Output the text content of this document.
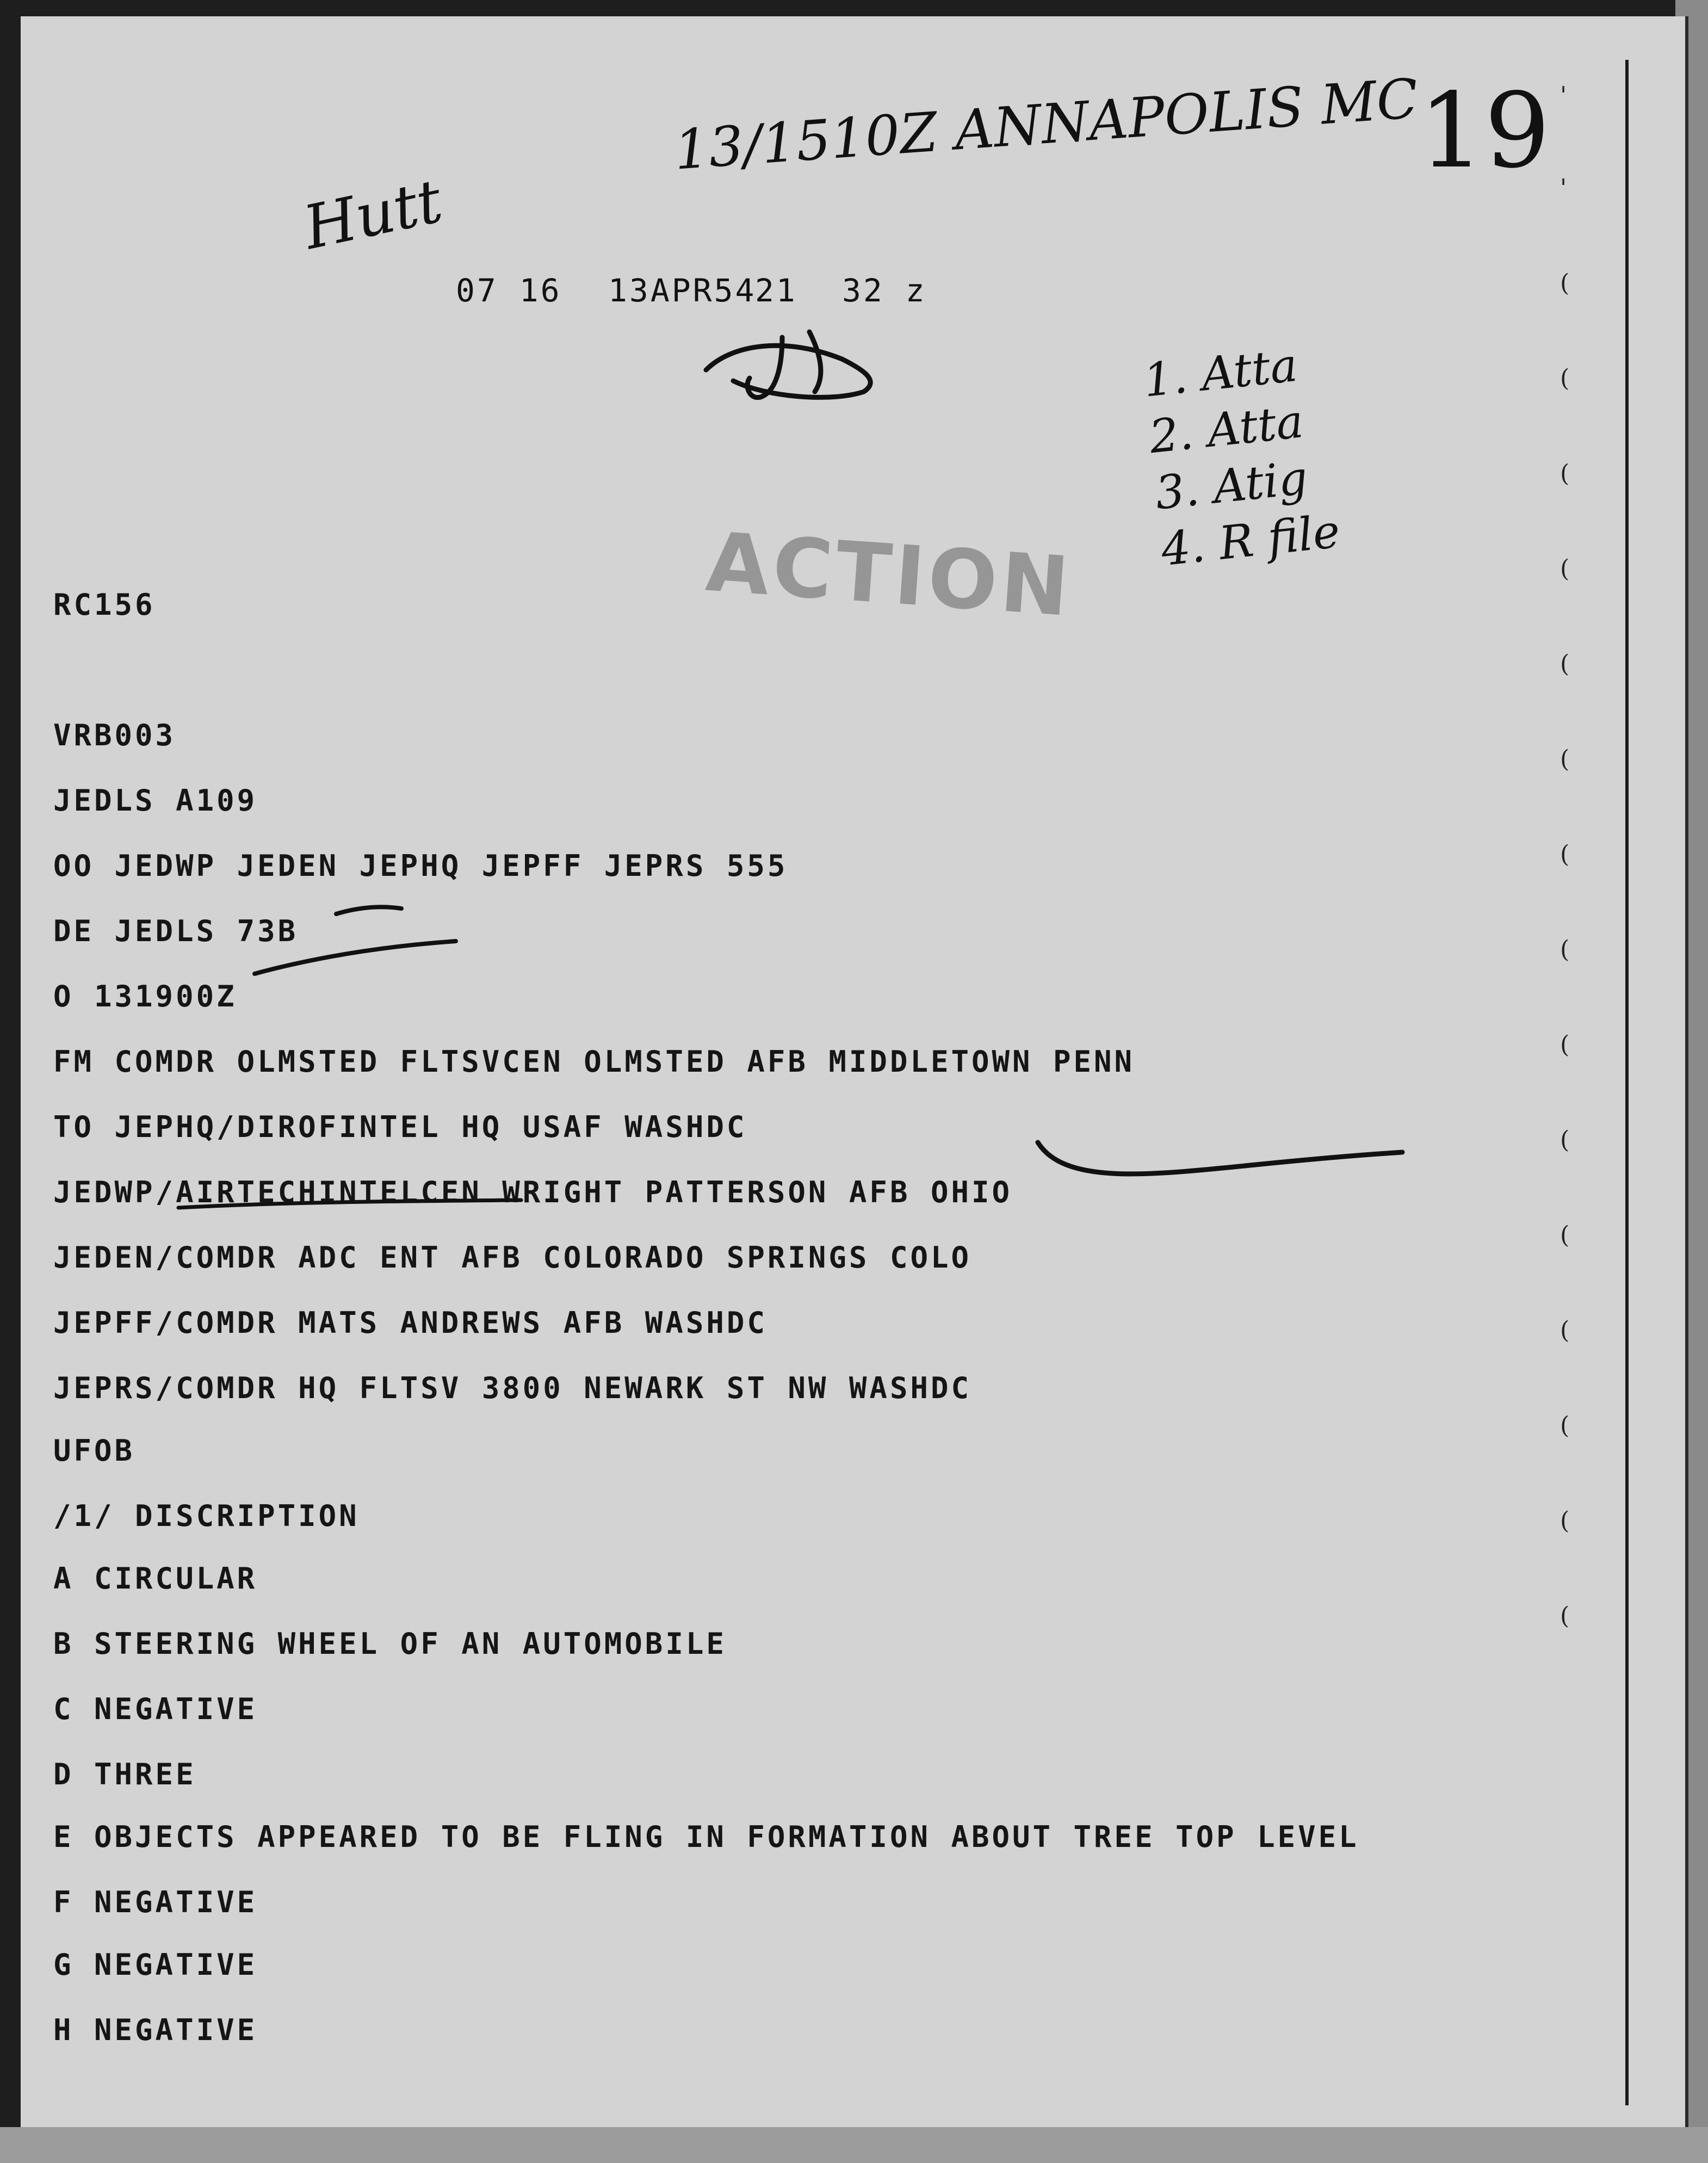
'
'
(
(
(
(
(
(
(
(
(
(
(
(
(
(
(
13/1510Z ANNAPOLIS MC
19
Hutt
1. Atta
2. Atta
3. Atig
4. R file
07 16 13APR54
21 32 z
ACTION
RC156
VRB003
JEDLS A109
OO JEDWP JEDEN JEPHQ JEPFF JEPRS 555
DE JEDLS 73B
O 131900Z
FM COMDR OLMSTED FLTSVCEN OLMSTED AFB MIDDLETOWN PENN
TO JEPHQ/DIROFINTEL HQ USAF WASHDC
JEDWP/AIRTECHINTELCEN WRIGHT PATTERSON AFB OHIO
JEDEN/COMDR ADC ENT AFB COLORADO SPRINGS COLO
JEPFF/COMDR MATS ANDREWS AFB WASHDC
JEPRS/COMDR HQ FLTSV 3800 NEWARK ST NW WASHDC
UFOB
/1/ DISCRIPTION
A CIRCULAR
B STEERING WHEEL OF AN AUTOMOBILE
C NEGATIVE
D THREE
E OBJECTS APPEARED TO BE FLING IN FORMATION ABOUT TREE TOP LEVEL
F NEGATIVE
G NEGATIVE
H NEGATIVE
